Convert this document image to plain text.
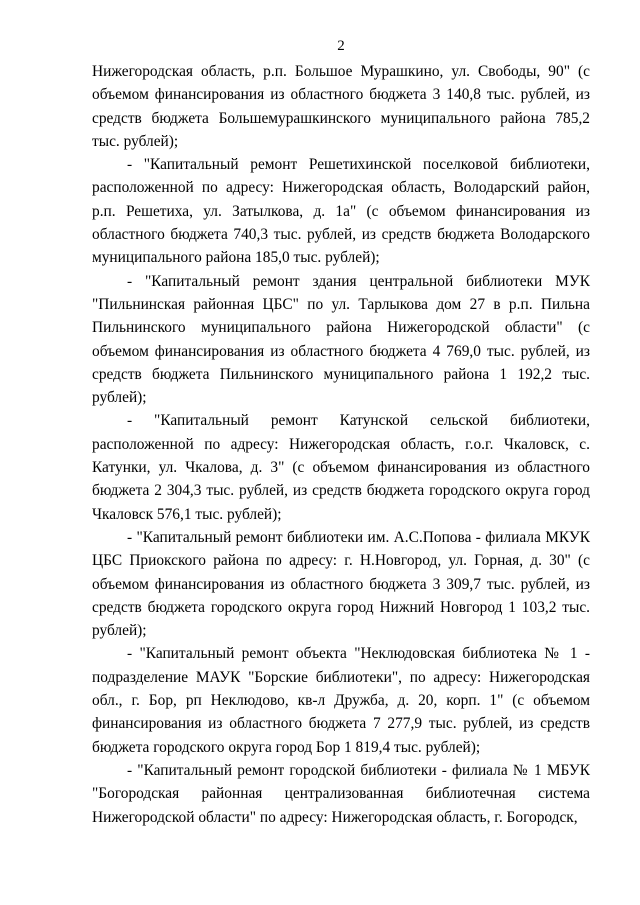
2

Нижегородская область, р.п. Большое Мурашкино, ул. Свободы, 90" (с объемом финансирования из областного бюджета 3 140,8 тыс. рублей, из средств бюджета Большемурашкинского муниципального района 785,2 тыс. рублей);

- "Капитальный ремонт Решетихинской поселковой библиотеки, расположенной по адресу: Нижегородская область, Володарский район, р.п. Решетиха, ул. Затылкова, д. 1а" (с объемом финансирования из областного бюджета 740,3 тыс. рублей, из средств бюджета Володарского муниципального района 185,0 тыс. рублей);

- "Капитальный ремонт здания центральной библиотеки МУК "Пильнинская районная ЦБС" по ул. Тарлыкова дом 27 в р.п. Пильна Пильнинского муниципального района Нижегородской области" (с объемом финансирования из областного бюджета 4 769,0 тыс. рублей, из средств бюджета Пильнинского муниципального района 1 192,2 тыс. рублей);

- "Капитальный ремонт Катунской сельской библиотеки, расположенной по адресу: Нижегородская область, г.о.г. Чкаловск, с. Катунки, ул. Чкалова, д. 3" (с объемом финансирования из областного бюджета 2 304,3 тыс. рублей, из средств бюджета городского округа город Чкаловск 576,1 тыс. рублей);

- "Капитальный ремонт библиотеки им. А.С.Попова - филиала МКУК ЦБС Приокского района по адресу: г. Н.Новгород, ул. Горная, д. 30" (с объемом финансирования из областного бюджета 3 309,7 тыс. рублей, из средств бюджета городского округа город Нижний Новгород 1 103,2 тыс. рублей);

- "Капитальный ремонт объекта "Неклюдовская библиотека № 1 - подразделение МАУК "Борские библиотеки", по адресу: Нижегородская обл., г. Бор, рп Неклюдово, кв-л Дружба, д. 20, корп. 1" (с объемом финансирования из областного бюджета 7 277,9 тыс. рублей, из средств бюджета городского округа город Бор 1 819,4 тыс. рублей);

- "Капитальный ремонт городской библиотеки - филиала № 1 МБУК "Богородская районная централизованная библиотечная система Нижегородской области" по адресу: Нижегородская область, г. Богородск,
